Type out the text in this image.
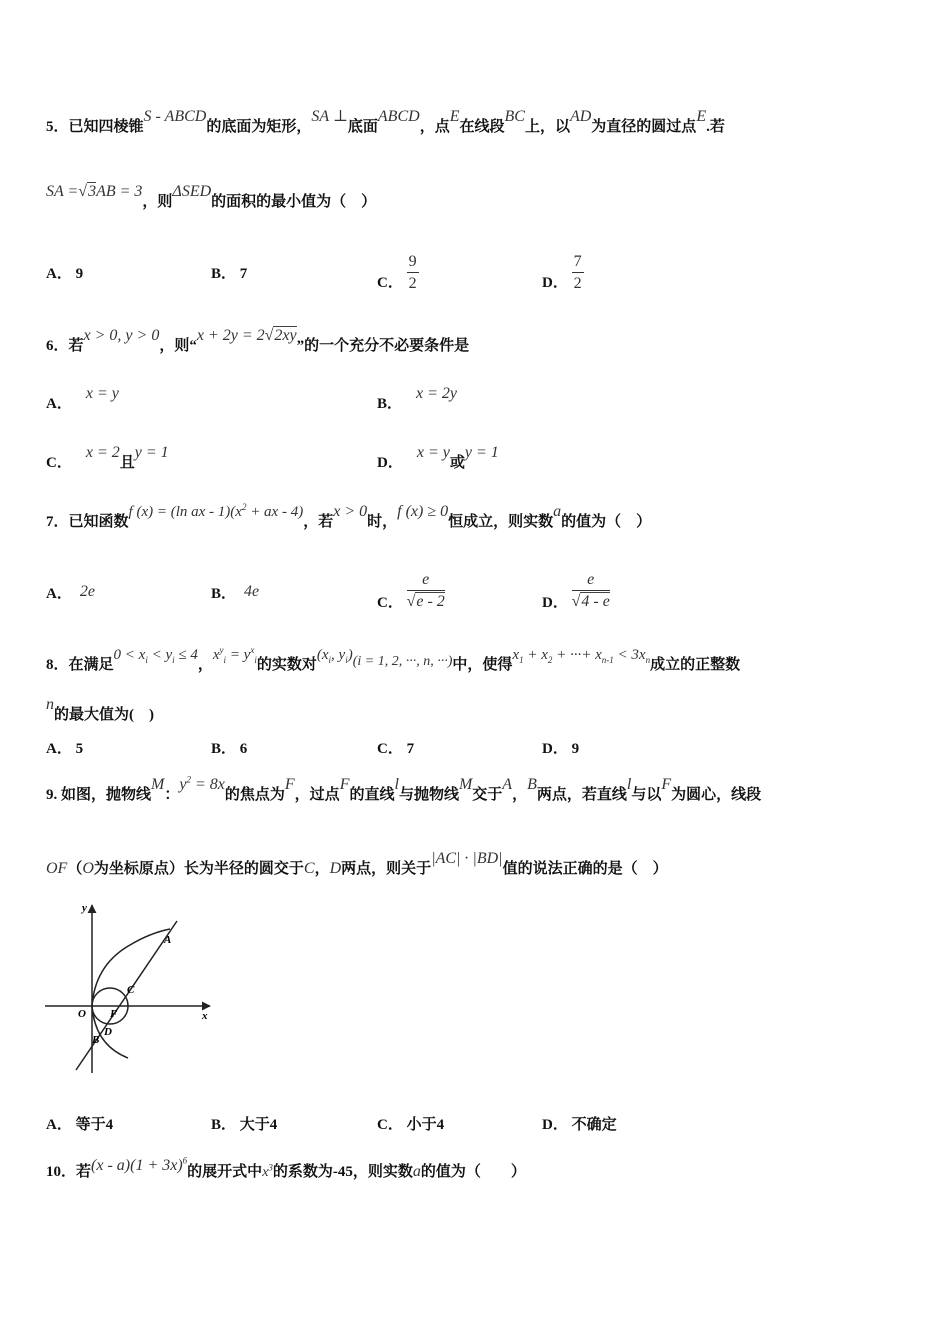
5．已知四棱锥S - ABCD的底面为矩形，SA ⊥底面ABCD，点E在线段BC上，以AD为直径的圆过点E.若
SA =√3AB = 3，则ΔSED的面积的最小值为（　）
A． 9	B． 7
C． $\frac{9}{2}$	D． $\frac{7}{2}$
6．若x > 0, y > 0，则“x + 2y = 2√2xy”的一个充分不必要条件是
A．x = y
B．x = 2y
C．x = 2且y = 1
D．x = y或y = 1
7．已知函数f (x) = (ln ax - $1)(x^2$ + ax - 4)，若x > 0时，f (x) ≥ 0恒成立，则实数a的值为（　）
A． 2e	B． 4e
C． $\frac{e}{√e - 2}$	D． $\frac{e}{√4 - e}$
8．在满足$0 < x_i < y_i \le 4$，$x^y_i = y^x_i$的实数对($x_i$, $y_i)(i = 1$, 2, ···, n, ···)中，使得$x_1 + x_2$ + ···+ $x_{n-1} < 3x_n$成立的正整数
n的最大值为(　)
A． 5	B． 6	C． 7	D． 9
9. 如图，抛物线M：$y^2 = 8x$的焦点为F，过点F的直线l与抛物线M交于A，B两点，若直线l与以F为圆心，线段
OF（O为坐标原点）长为半径的圆交于C，D两点，则关于|AC| · |BD|值的说法正确的是（　）
y
x
O F
A
C
D
B
A． 等于4	B． 大于4	C． 小于4	D． 不确定
10．若$(x - a)(1 + 3x)^6$的展开式中$x^3$的系数为-45，则实数a的值为（　　）
